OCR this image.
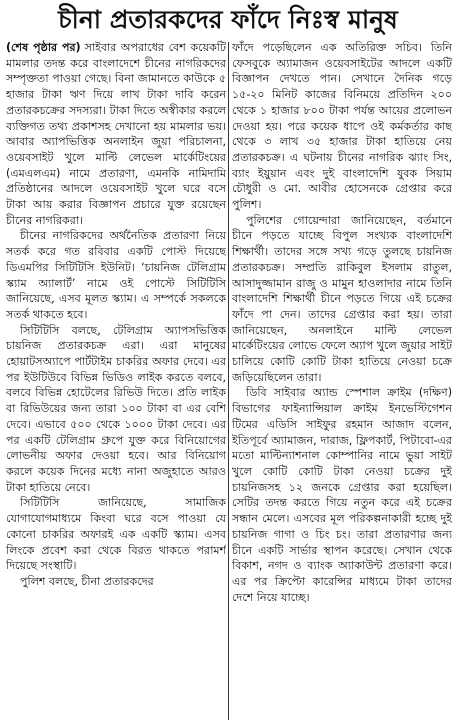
চীনা প্রতারকদের ফাঁদে নিঃস্ব মানুষ

(শেষ পৃষ্ঠার পর) সাইবার অপরাধের বেশ কয়েকটি মামলার তদন্ত করে বাংলাদেশে চীনের নাগরিকদের সম্পৃক্ততা পাওয়া গেছে। বিনা জামানতে কাউকে ৫ হাজার টাকা ঋণ দিয়ে লাখ টাকা দাবি করেন প্রতারকচক্রের সদস্যরা। টাকা দিতে অস্বীকার করলে ব্যক্তিগত তথ্য প্রকাশসহ দেখানো হয় মামলার ভয়। আবার অ্যাপভিত্তিক অনলাইন জুয়া পরিচালনা, ওয়েবসাইট খুলে মাল্টি লেভেল মার্কেটিংয়ের (এমএলএম) নামে প্রতারণা, এমনকি নামিদামি প্রতিষ্ঠানের আদলে ওয়েবসাইট খুলে ঘরে বসে টাকা আয় করার বিজ্ঞাপন প্রচারে যুক্ত রয়েছেন চীনের নাগরিকরা।

চীনের নাগরিকদের অর্থনৈতিক প্রতারণা নিয়ে সতর্ক করে গত রবিবার একটি পোস্ট দিয়েছে ডিএমপির সিটিটিসি ইউনিট। ‘চায়নিজ টেলিগ্রাম স্ক্যাম অ্যালার্ট’ নামে ওই পোস্টে সিটিটিসি জানিয়েছে, এসব মূলত স্ক্যাম। এ সম্পর্কে সকলকে সতর্ক থাকতে হবে।

সিটিটিসি বলছে, টেলিগ্রাম অ্যাপসভিত্তিক চায়নিজ প্রতারকচক্র এরা। এরা মানুষের হোয়াটসঅ্যাপে পার্টটাইম চাকরির অফার দেবে। এর পর ইউটিউবে বিভিন্ন ভিডিও লাইক করতে বলবে, বলবে বিভিন্ন হোটেলের রিভিউ দিতে। প্রতি লাইক বা রিভিউয়ের জন্য তারা ১০০ টাকা বা এর বেশি দেবে। এভাবে ৫০০ থেকে ১০০০ টাকা দেবে। এর পর একটি টেলিগ্রাম গ্রুপে যুক্ত করে বিনিয়োগের লোভনীয় অফার দেওয়া হবে। আর বিনিয়োগ করলে কয়েক দিনের মধ্যে নানা অজুহাতে আরও টাকা হাতিয়ে নেবে।

সিটিটিসি জানিয়েছে, সামাজিক যোগাযোগমাধ্যমে কিংবা ঘরে বসে পাওয়া যে কোনো চাকরির অফারই এক একটি স্ক্যাম। এসব লিংকে প্রবেশ করা থেকে বিরত থাকতে পরামর্শ দিয়েছে সংস্থাটি।

পুলিশ বলছে, চীনা প্রতারকদের

ফাঁদে পড়েছিলেন এক অতিরিক্ত সচিব। তিনি ফেসবুকে অ্যামাজন ওয়েবসাইটের আদলে একটি বিজ্ঞাপন দেখতে পান। সেখানে দৈনিক গড়ে ১৫-২০ মিনিট কাজের বিনিময়ে প্রতিদিন ২০০ থেকে ১ হাজার ৮০০ টাকা পর্যন্ত আয়ের প্রলোভন দেওয়া হয়। পরে কয়েক ধাপে ওই কর্মকর্তার কাছ থেকে ৩ লাখ ৩৫ হাজার টাকা হাতিয়ে নেয় প্রতারকচক্র। এ ঘটনায় চীনের নাগরিক ঝ্যাং সিং, ব্যাং ইয়ুয়ান এবং দুই বাংলাদেশি যুবক সিয়াম চৌধুরী ও মো. আবীর হোসেনকে গ্রেপ্তার করে পুলিশ।

পুলিশের গোয়েন্দারা জানিয়েছেন, বর্তমানে চীনে পড়তে যাচ্ছে বিপুল সংখ্যক বাংলাদেশি শিক্ষার্থী। তাদের সঙ্গে সখ্য গড়ে তুলছে চায়নিজ প্রতারকচক্র। সম্প্রতি রাকিবুল ইসলাম রাতুল, আসাদুজ্জামান রাজু ও মামুন হাওলাদার নামে তিনি বাংলাদেশি শিক্ষার্থী চীনে পড়তে গিয়ে এই চক্রের ফাঁদে পা দেন। তাদের গ্রেপ্তার করা হয়। তারা জানিয়েছেন, অনলাইনে মাল্টি লেভেল মার্কেটিংয়ের লোভে ফেলে অ্যাপ খুলে জুয়ার সাইট চালিয়ে কোটি কোটি টাকা হাতিয়ে নেওয়া চক্রে জড়িয়েছিলেন তারা।

ডিবি সাইবার অ্যান্ড স্পেশাল ক্রাইম (দক্ষিণ) বিভাগের ফাইন্যান্সিয়াল ক্রাইম ইনভেস্টিগেশন টিমের এডিসি সাইফুর রহমান আজাদ বলেন, ইতিপূর্বে অ্যামাজন, দারাজ, ফ্লিপকার্ট, পিটাবো-এর মতো মাল্টিন্যাশনাল কোম্পানির নামে ভুয়া সাইট খুলে কোটি কোটি টাকা নেওয়া চক্রের দুই চায়নিজসহ ১২ জনকে গ্রেপ্তার করা হয়েছিল। সেটির তদন্ত করতে গিয়ে নতুন করে এই চক্রের সন্ধান মেলে। এসবের মূল পরিকল্পনাকারী হচ্ছে দুই চায়নিজ গাগা ও চিং চং। তারা প্রতারণার জন্য চীনে একটি সার্ভার স্থাপন করেছে। সেখান থেকে বিকাশ, নগদ ও ব্যাংক অ্যাকাউন্ট প্রতারণা করে। এর পর ক্রিপ্টো কারেন্সির মাধ্যমে টাকা তাদের দেশে নিয়ে যাচ্ছে।
